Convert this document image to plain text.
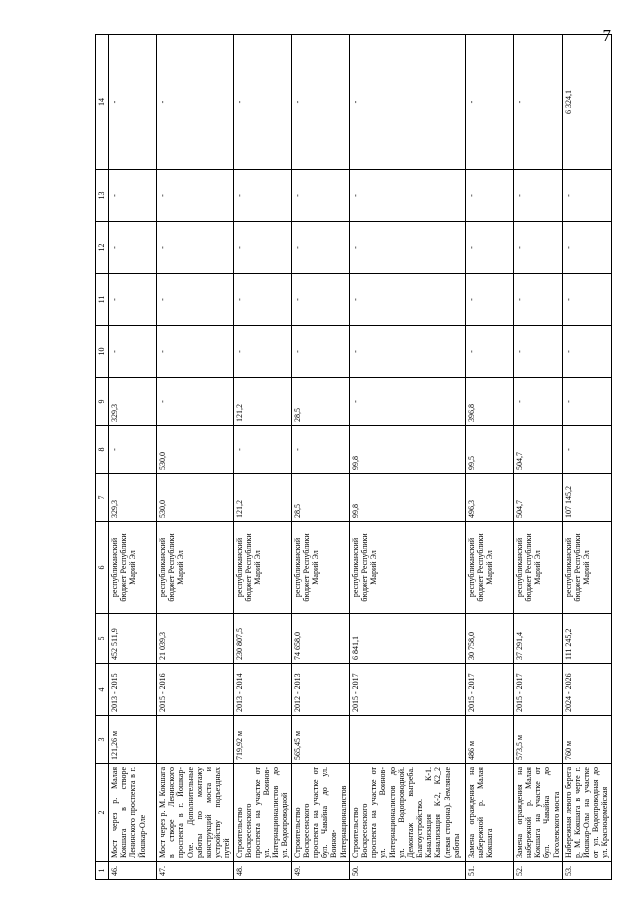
7
1	2	3	4	5	6	7	8	9	10	11	12	13	14
46.	Мост через р. Малая Кокшага в створе Ленинского проспекта в г. Йошкар-Оле	121,26 м	2013 - 2015	452 511,9	республиканский бюджет Республики Марий Эл	329,3	-	329,3	-	-	-	-	-
47.	Мост через р. М. Кокшага в створе Ленинского проспекта в г. Йошкар-Оле. Дополнительные работы по монтажу конструкций моста и устройству подъездных путей		2015 - 2016	21 039,3	республиканский бюджет Республики Марий Эл	530,0	530,0	-	-	-	-	-	-
48.	Строительство Воскресенского проспекта на участке от ул. Воинов-Интернационалистов до ул. Водопроводной	719,92 м	2013 - 2014	230 807,5	республиканский бюджет Республики Марий Эл	121,2	-	121,2	-	-	-	-	-
49.	Строительство Воскресенского проспекта на участке от бул. Чавайна до ул. Воинов-Интернационалистов	565,45 м	2012 - 2013	74 658,0	республиканский бюджет Республики Марий Эл	28,5	-	28,5	-	-	-	-	-
50.	Строительство Воскресенского проспекта на участке от ул. Воинов-Интернационалистов до ул. Водопроводной. Демонтаж выгреба. Благоустройство. Канализация К-1. Канализация К-2, К2_2 (левая сторона). Земляные работы		2015 - 2017	6 841,1	республиканский бюджет Республики Марий Эл	99,8	99,8	-	-	-	-	-	-
51.	Замена ограждения на набережной р. Малая Кокшага	486 м	2015 - 2017	30 758,0	республиканский бюджет Республики Марий Эл	496,3	99,5	396,8	-	-	-	-	-
52.	Замена ограждения на набережной р. Малая Кокшага на участке от бул. Чавайна до Гоголевского моста	573,5 м	2015 - 2017	37 291,4	республиканский бюджет Республики Марий Эл	504,7	504,7	-	-	-	-	-	-
53.	Набережная левого берега р. М. Кокшага в черте г. Йошкар-Олы на участке от ул. Водопроводная до ул. Красноармейская	760 м	2024 - 2026	111 245,2	республиканский бюджет Республики Марий Эл	107 145,2	-	-	-	-	-	-	6 324,1
